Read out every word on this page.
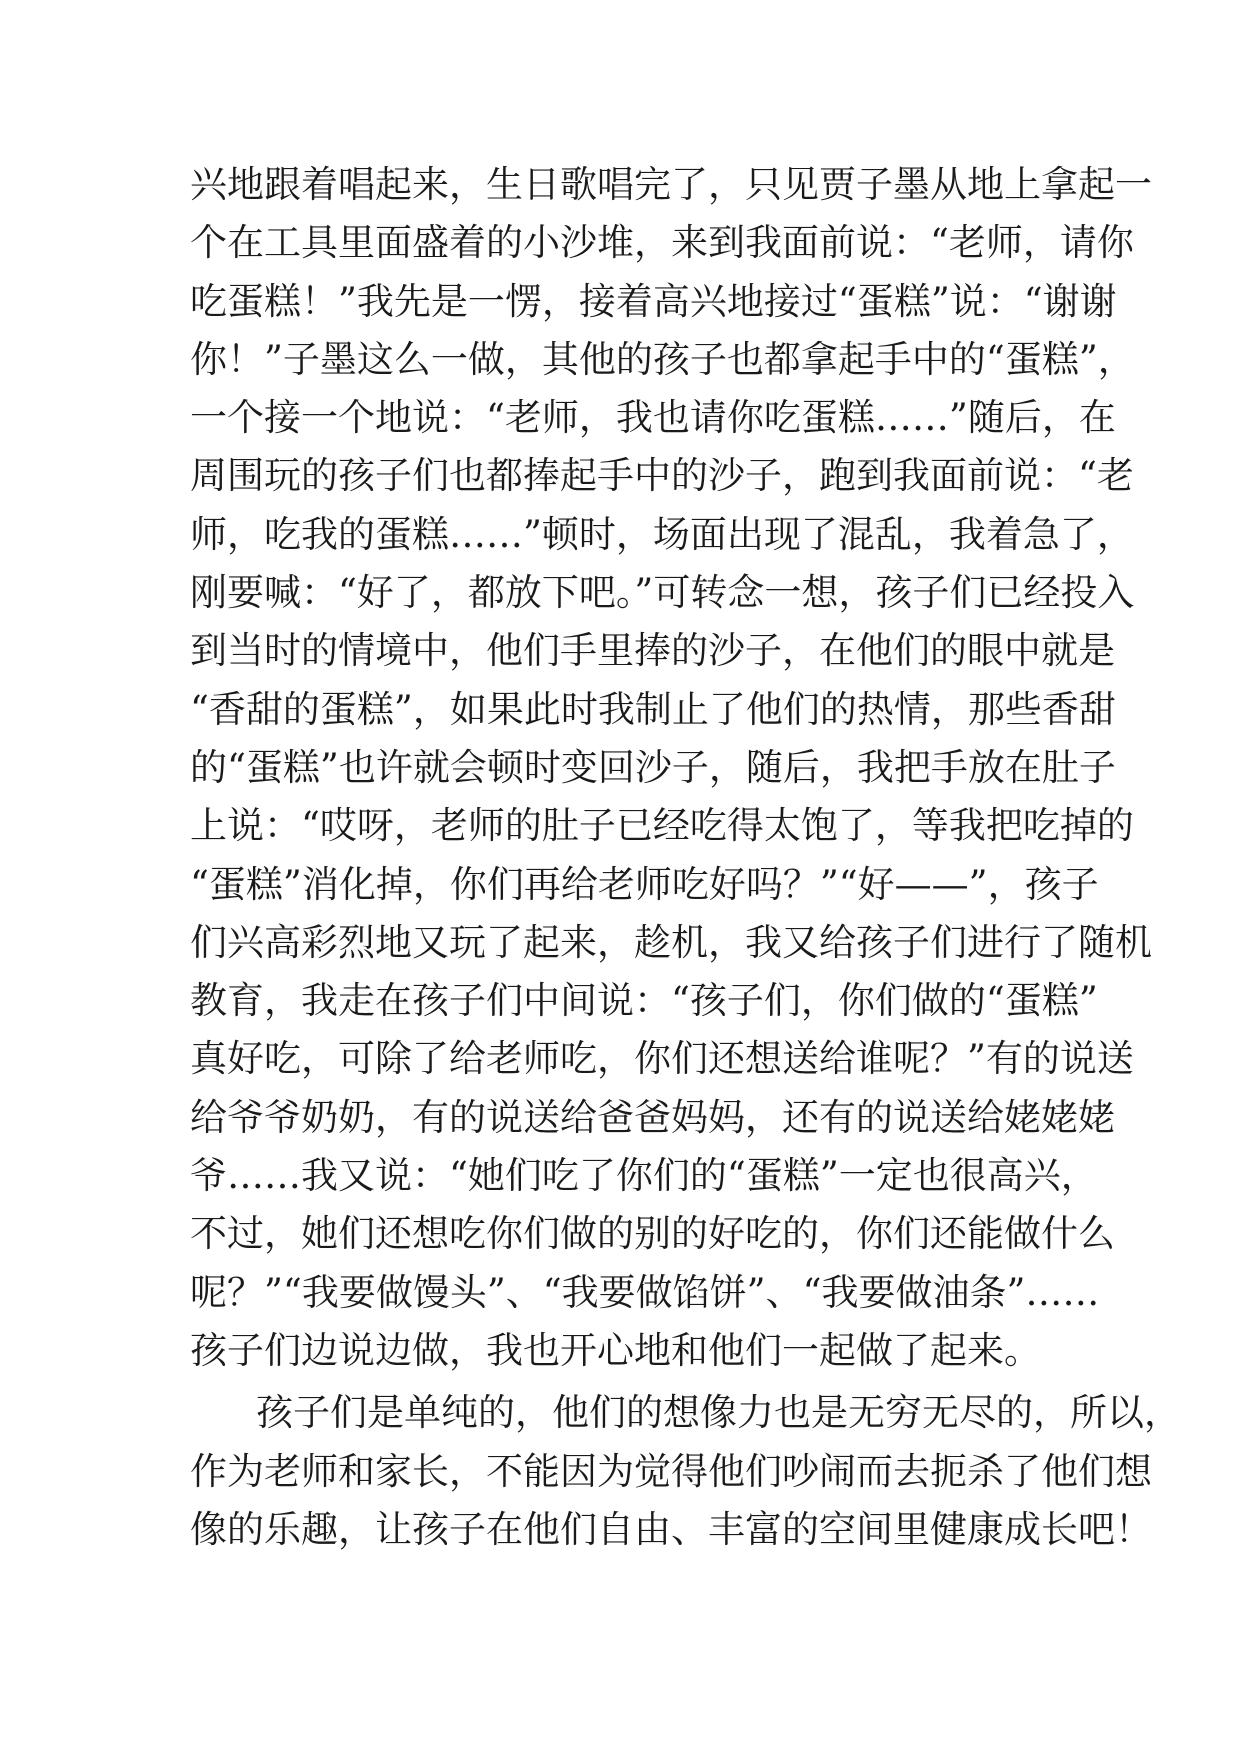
兴地跟着唱起来，生日歌唱完了，只见贾子墨从地上拿起一
个在工具里面盛着的小沙堆，来到我面前说：“老师，请你
吃蛋糕！”我先是一愣，接着高兴地接过“蛋糕”说：“谢谢
你！”子墨这么一做，其他的孩子也都拿起手中的“蛋糕”，
一个接一个地说：“老师，我也请你吃蛋糕……”随后，在
周围玩的孩子们也都捧起手中的沙子，跑到我面前说：“老
师，吃我的蛋糕……”顿时，场面出现了混乱，我着急了，
刚要喊：“好了，都放下吧。”可转念一想，孩子们已经投入
到当时的情境中，他们手里捧的沙子，在他们的眼中就是
“香甜的蛋糕”，如果此时我制止了他们的热情，那些香甜
的“蛋糕”也许就会顿时变回沙子，随后，我把手放在肚子
上说：“哎呀，老师的肚子已经吃得太饱了，等我把吃掉的
“蛋糕”消化掉，你们再给老师吃好吗？”“好——”，孩子
们兴高彩烈地又玩了起来，趁机，我又给孩子们进行了随机
教育，我走在孩子们中间说：“孩子们，你们做的“蛋糕”
真好吃，可除了给老师吃，你们还想送给谁呢？”有的说送
给爷爷奶奶，有的说送给爸爸妈妈，还有的说送给姥姥姥
爷……我又说：“她们吃了你们的“蛋糕”一定也很高兴，
不过，她们还想吃你们做的别的好吃的，你们还能做什么
呢？”“我要做馒头”、“我要做馅饼”、“我要做油条”……
孩子们边说边做，我也开心地和他们一起做了起来。
孩子们是单纯的，他们的想像力也是无穷无尽的，所以，
作为老师和家长，不能因为觉得他们吵闹而去扼杀了他们想
像的乐趣，让孩子在他们自由、丰富的空间里健康成长吧！
